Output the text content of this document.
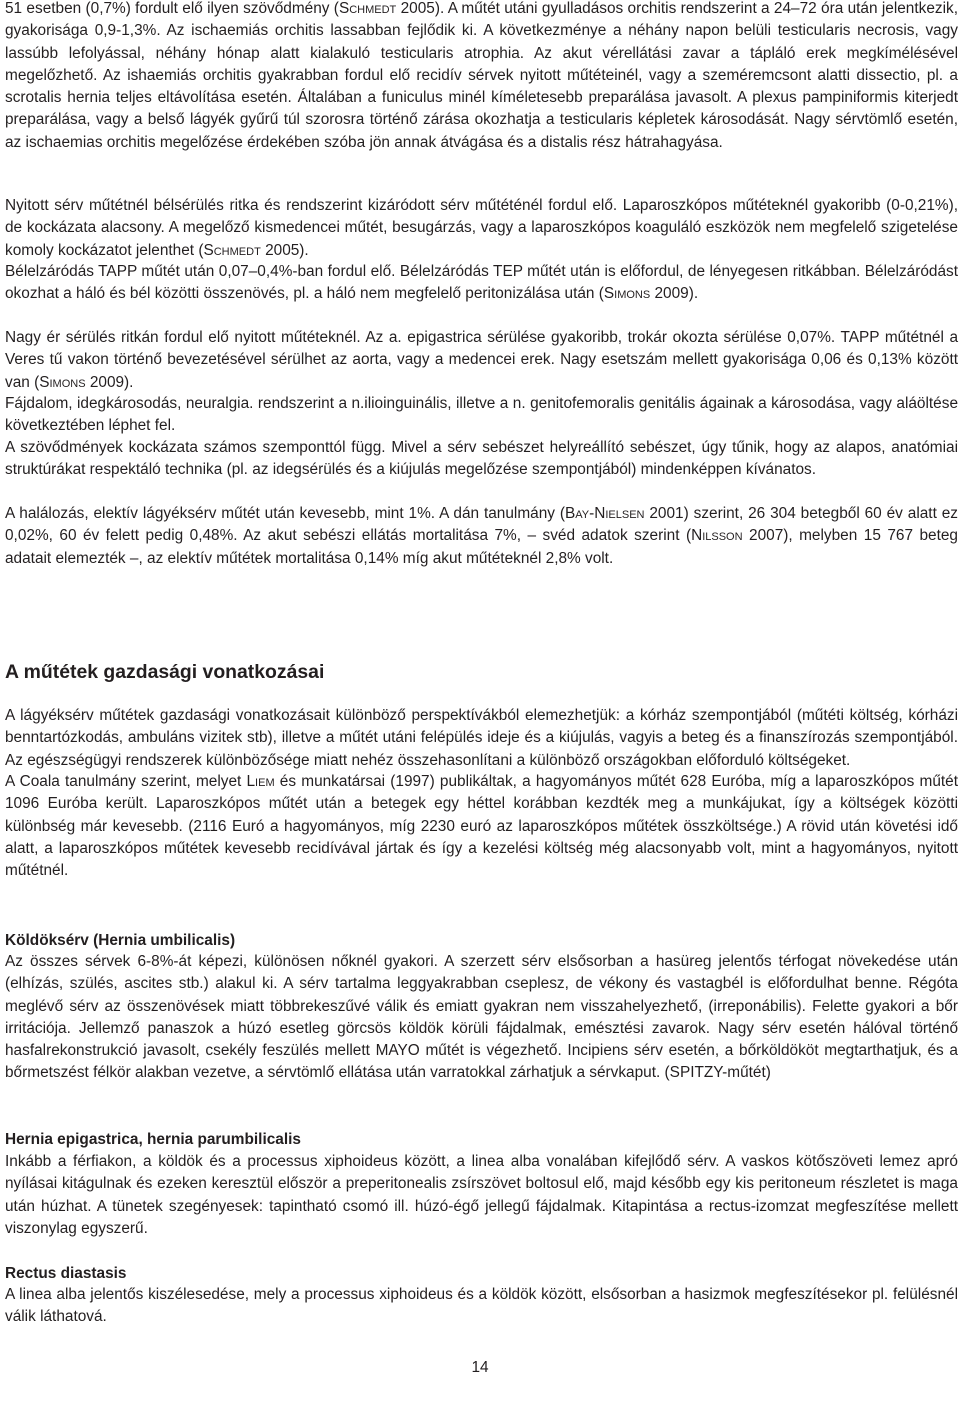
51 esetben (0,7%) fordult elő ilyen szövődmény (Schmedt 2005). A műtét utáni gyulladásos orchitis rendszerint a 24–72 óra után jelentkezik, gyakorisága 0,9-1,3%. Az ischaemiás orchitis lassabban fejlődik ki. A következménye a néhány napon belüli testicularis necrosis, vagy lassúbb lefolyással, néhány hónap alatt kialakuló testicularis atrophia. Az akut vérellátási zavar a tápláló erek megkímélésével megelőzhető. Az ishaemiás orchitis gyakrabban fordul elő recidív sérvek nyitott műtéteinél, vagy a szeméremcsont alatti dissectio, pl. a scrotalis hernia teljes eltávolítása esetén. Általában a funiculus minél kíméletesebb preparálása javasolt. A plexus pampiniformis kiterjedt preparálása, vagy a belső lágyék gyűrű túl szorosra történő zárása okozhatja a testicularis képletek károsodását. Nagy sérvtömlő esetén, az ischaemias orchitis megelőzése érdekében szóba jön annak átvágása és a distalis rész hátrahagyása.

Nyitott sérv műtétnél bélsérülés ritka és rendszerint kizáródott sérv műtéténél fordul elő. Laparoszkópos műtéteknél gyakoribb (0-0,21%), de kockázata alacsony. A megelőző kismedencei műtét, besugárzás, vagy a laparoszkópos koaguláló eszközök nem megfelelő szigetelése komoly kockázatot jelenthet (Schmedt 2005).

Bélelzáródás TAPP műtét után 0,07–0,4%-ban fordul elő. Bélelzáródás TEP műtét után is előfordul, de lényegesen ritkábban. Bélelzáródást okozhat a háló és bél közötti összenövés, pl. a háló nem megfelelő peritonizálása után (Simons 2009).

Nagy ér sérülés ritkán fordul elő nyitott műtéteknél. Az a. epigastrica sérülése gyakoribb, trokár okozta sérülése 0,07%. TAPP műtétnél a Veres tű vakon történő bevezetésével sérülhet az aorta, vagy a medencei erek. Nagy esetszám mellett gyakorisága 0,06 és 0,13% között van (Simons 2009).

Fájdalom, idegkárosodás, neuralgia. rendszerint a n.ilioinguinális, illetve a n. genitofemoralis genitális ágainak a károsodása, vagy aláöltése következtében léphet fel.

A szövődmények kockázata számos szemponttól függ. Mivel a sérv sebészet helyreállító sebészet, úgy tűnik, hogy az alapos, anatómiai struktúrákat respektáló technika (pl. az idegsérülés és a kiújulás megelőzése szempontjából) mindenképpen kívánatos.

A halálozás, elektív lágyéksérv műtét után kevesebb, mint 1%. A dán tanulmány (Bay-Nielsen 2001) szerint, 26 304 betegből 60 év alatt ez 0,02%, 60 év felett pedig 0,48%. Az akut sebészi ellátás mortalitása 7%, – svéd adatok szerint (Nilsson 2007), melyben 15 767 beteg adatait elemezték –, az elektív műtétek mortalitása 0,14% míg akut műtéteknél 2,8% volt.

A műtétek gazdasági vonatkozásai

A lágyéksérv műtétek gazdasági vonatkozásait különböző perspektívákból elemezhetjük: a kórház szempontjából (műtéti költség, kórházi benntartózkodás, ambuláns vizitek stb), illetve a műtét utáni felépülés ideje és a kiújulás, vagyis a beteg és a finanszírozás szempontjából. Az egészségügyi rendszerek különbözősége miatt nehéz összehasonlítani a különböző országokban előforduló költségeket.

A Coala tanulmány szerint, melyet Liem és munkatársai (1997) publikáltak, a hagyományos műtét 628 Euróba, míg a laparoszkópos műtét 1096 Euróba került. Laparoszkópos műtét után a betegek egy héttel korábban kezdték meg a munkájukat, így a költségek közötti különbség már kevesebb. (2116 Euró a hagyományos, míg 2230 euró az laparoszkópos műtétek összköltsége.) A rövid után követési idő alatt, a laparoszkópos műtétek kevesebb recidívával jártak és így a kezelési költség még alacsonyabb volt, mint a hagyományos, nyitott műtétnél.

Köldöksérv (Hernia umbilicalis)

Az összes sérvek 6-8%-át képezi, különösen nőknél gyakori. A szerzett sérv elsősorban a hasüreg jelentős térfogat növekedése után (elhízás, szülés, ascites stb.) alakul ki. A sérv tartalma leggyakrabban cseplesz, de vékony és vastagbél is előfordulhat benne. Régóta meglévő sérv az összenövések miatt többrekeszűvé válik és emiatt gyakran nem visszahelyezhető, (irreponábilis). Felette gyakori a bőr irritációja. Jellemző panaszok a húzó esetleg görcsös köldök körüli fájdalmak, emésztési zavarok. Nagy sérv esetén hálóval történő hasfalrekonstrukció javasolt, csekély feszülés mellett MAYO műtét is végezhető. Incipiens sérv esetén, a bőrköldököt megtarthatjuk, és a bőrmetszést félkör alakban vezetve, a sérvtömlő ellátása után varratokkal zárhatjuk a sérvkaput. (SPITZY-műtét)

Hernia epigastrica, hernia parumbilicalis

Inkább a férfiakon, a köldök és a processus xiphoideus között, a linea alba vonalában kifejlődő sérv. A vaskos kötőszöveti lemez apró nyílásai kitágulnak és ezeken keresztül először a preperitonealis zsírszövet boltosul elő, majd később egy kis peritoneum részletet is maga után húzhat. A tünetek szegényesek: tapintható csomó ill. húzó-égő jellegű fájdalmak. Kitapintása a rectus-izomzat megfeszítése mellett viszonylag egyszerű.

Rectus diastasis

A linea alba jelentős kiszélesedése, mely a processus xiphoideus és a köldök között, elsősorban a hasizmok megfeszítésekor pl. felülésnél válik láthatová.

14
